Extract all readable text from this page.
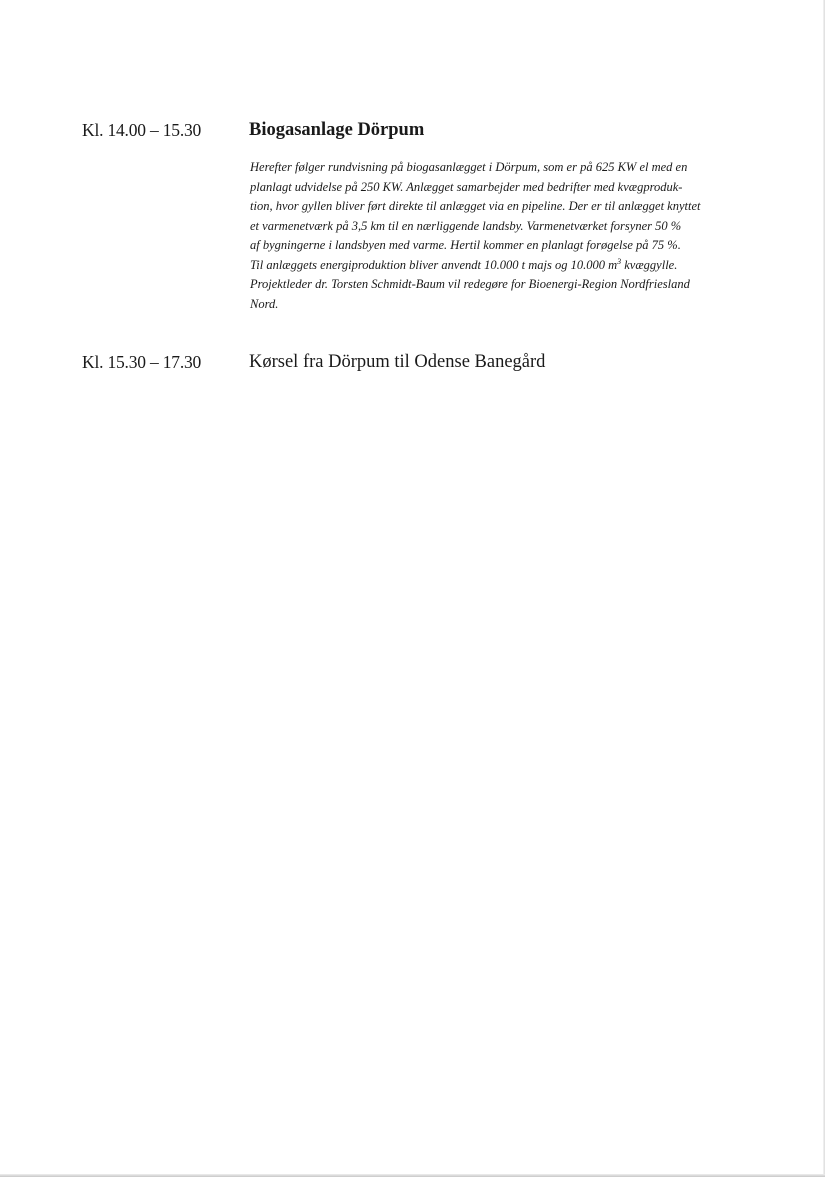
Kl. 14.00 – 15.30	Biogasanlage Dörpum
Herefter følger rundvisning på biogasanlægget i Dörpum, som er på 625 KW el med en
planlagt udvidelse på 250 KW. Anlægget samarbejder med bedrifter med kvægproduk-
tion, hvor gyllen bliver ført direkte til anlægget via en pipeline. Der er til anlægget knyttet
et varmenetværk på 3,5 km til en nærliggende landsby. Varmenetværket forsyner 50 %
af bygningerne i landsbyen med varme. Hertil kommer en planlagt forøgelse på 75 %.
Til anlæggets energiproduktion bliver anvendt 10.000 t majs og 10.000 $m^3$ kvæggylle.
Projektleder dr. Torsten Schmidt-Baum vil redegøre for Bioenergi-Region Nordfriesland
Nord.
Kl. 15.30 – 17.30	Kørsel fra Dörpum til Odense Banegård
